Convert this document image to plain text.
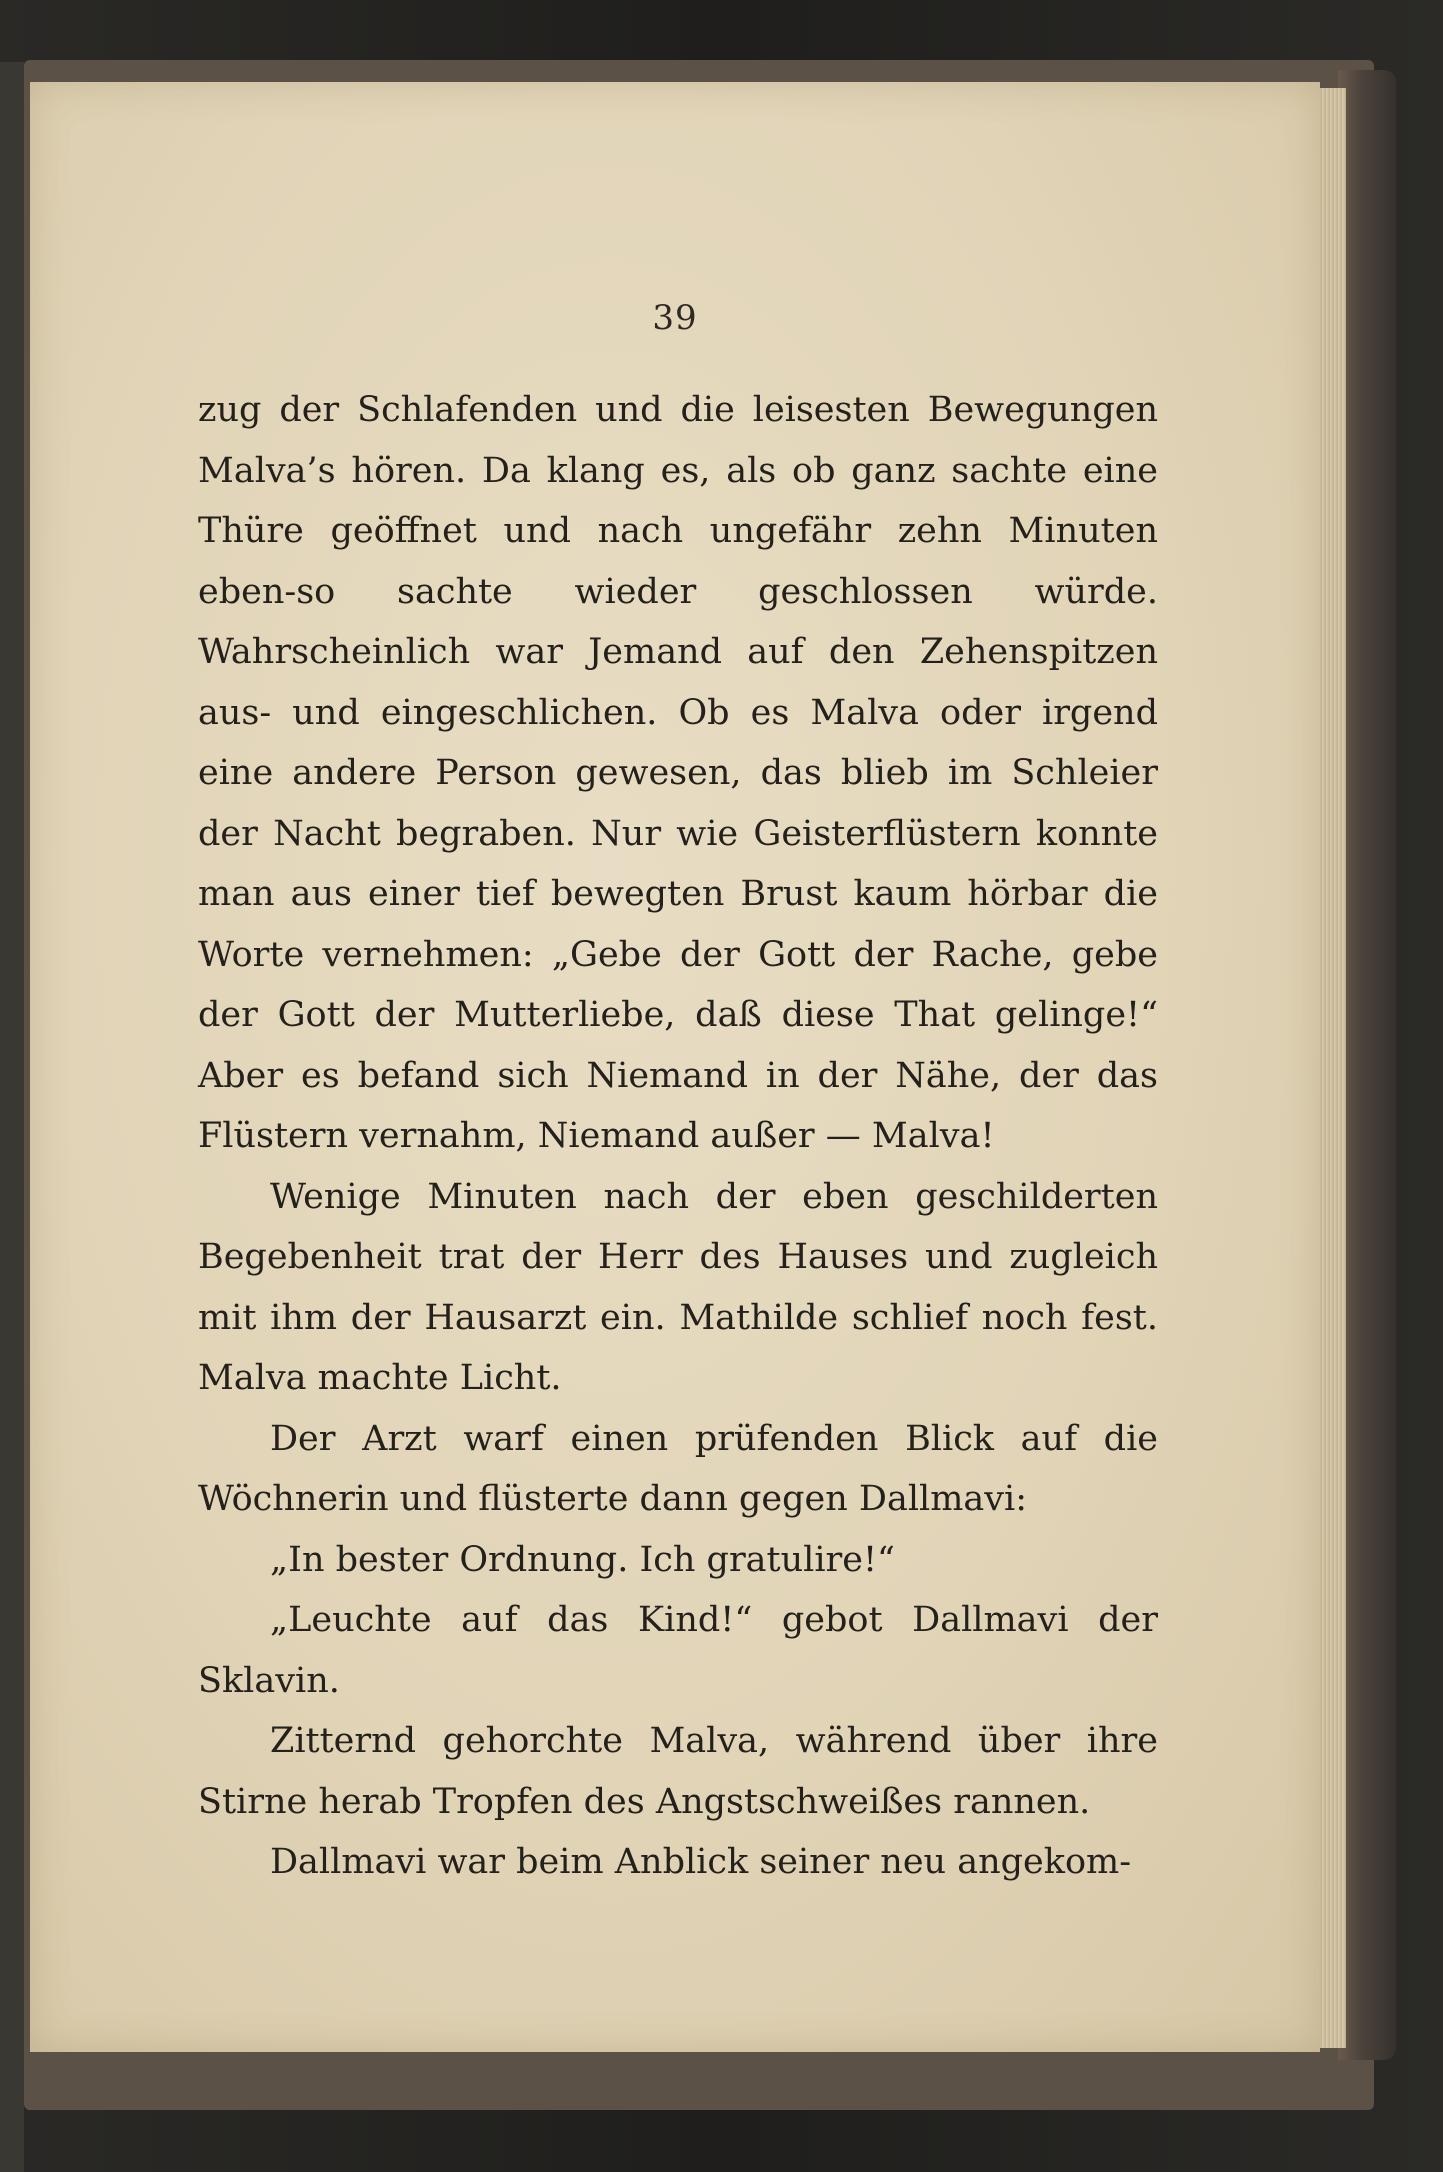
39

zug der Schlafenden und die leisesten Bewegungen Malva’s hören. Da klang es, als ob ganz sachte eine Thüre geöffnet und nach ungefähr zehn Minuten eben-so sachte wieder geschlossen würde. Wahrscheinlich war Jemand auf den Zehenspitzen aus- und eingeschlichen. Ob es Malva oder irgend eine andere Person gewesen, das blieb im Schleier der Nacht begraben. Nur wie Geisterflüstern konnte man aus einer tief bewegten Brust kaum hörbar die Worte vernehmen: „Gebe der Gott der Rache, gebe der Gott der Mutterliebe, daß diese That gelinge!“ Aber es befand sich Niemand in der Nähe, der das Flüstern vernahm, Niemand außer — Malva!

Wenige Minuten nach der eben geschilderten Begebenheit trat der Herr des Hauses und zugleich mit ihm der Hausarzt ein. Mathilde schlief noch fest. Malva machte Licht.

Der Arzt warf einen prüfenden Blick auf die Wöchnerin und flüsterte dann gegen Dallmavi:

„In bester Ordnung. Ich gratulire!“

„Leuchte auf das Kind!“ gebot Dallmavi der Sklavin.

Zitternd gehorchte Malva, während über ihre Stirne herab Tropfen des Angstschweißes rannen.

Dallmavi war beim Anblick seiner neu angekom-
